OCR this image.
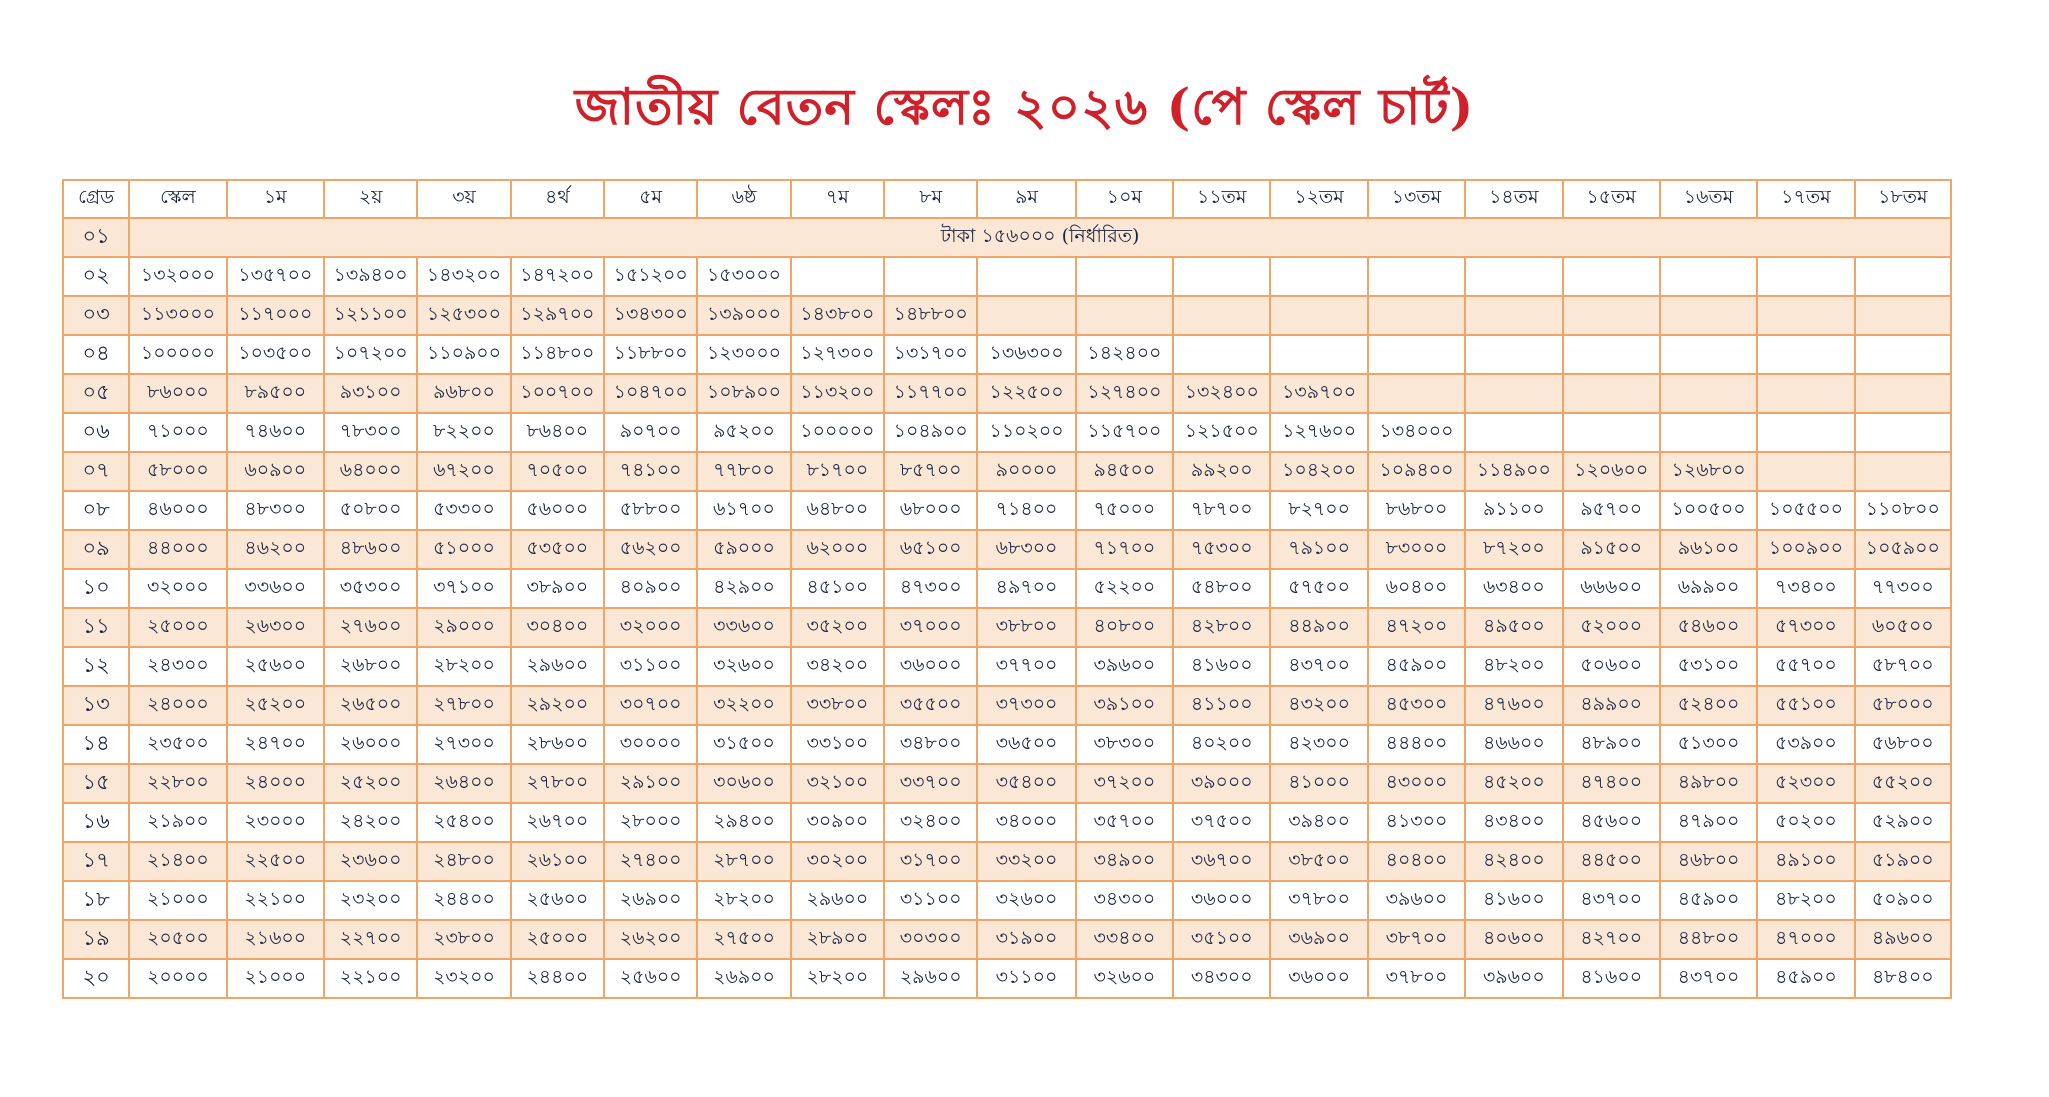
জাতীয় বেতন স্কেলঃ ২০২৬ (পে স্কেল চার্ট)
গ্রেড	স্কেল	১ম	২য়	৩য়	৪র্থ	৫ম	৬ষ্ঠ	৭ম	৮ম	৯ম	১০ম	১১তম	১২তম	১৩তম	১৪তম	১৫তম	১৬তম	১৭তম	১৮তম
০১	টাকা ১৫৬০০০ (নির্ধারিত)																		
০২	১৩২০০০	১৩৫৭০০	১৩৯৪০০	১৪৩২০০	১৪৭২০০	১৫১২০০	১৫৩০০০												
০৩	১১৩০০০	১১৭০০০	১২১১০০	১২৫৩০০	১২৯৭০০	১৩৪৩০০	১৩৯০০০	১৪৩৮০০	১৪৮৮০০										
০৪	১০০০০০	১০৩৫০০	১০৭২০০	১১০৯০০	১১৪৮০০	১১৮৮০০	১২৩০০০	১২৭৩০০	১৩১৭০০	১৩৬৩০০	১৪২৪০০								
০৫	৮৬০০০	৮৯৫০০	৯৩১০০	৯৬৮০০	১০০৭০০	১০৪৭০০	১০৮৯০০	১১৩২০০	১১৭৭০০	১২২৫০০	১২৭৪০০	১৩২৪০০	১৩৯৭০০						
০৬	৭১০০০	৭৪৬০০	৭৮৩০০	৮২২০০	৮৬৪০০	৯০৭০০	৯৫২০০	১০০০০০	১০৪৯০০	১১০২০০	১১৫৭০০	১২১৫০০	১২৭৬০০	১৩৪০০০					
০৭	৫৮০০০	৬০৯০০	৬৪০০০	৬৭২০০	৭০৫০০	৭৪১০০	৭৭৮০০	৮১৭০০	৮৫৭০০	৯০০০০	৯৪৫০০	৯৯২০০	১০৪২০০	১০৯৪০০	১১৪৯০০	১২০৬০০	১২৬৮০০		
০৮	৪৬০০০	৪৮৩০০	৫০৮০০	৫৩৩০০	৫৬০০০	৫৮৮০০	৬১৭০০	৬৪৮০০	৬৮০০০	৭১৪০০	৭৫০০০	৭৮৭০০	৮২৭০০	৮৬৮০০	৯১১০০	৯৫৭০০	১০০৫০০	১০৫৫০০	১১০৮০০
০৯	৪৪০০০	৪৬২০০	৪৮৬০০	৫১০০০	৫৩৫০০	৫৬২০০	৫৯০০০	৬২০০০	৬৫১০০	৬৮৩০০	৭১৭০০	৭৫৩০০	৭৯১০০	৮৩০০০	৮৭২০০	৯১৫০০	৯৬১০০	১০০৯০০	১০৫৯০০
১০	৩২০০০	৩৩৬০০	৩৫৩০০	৩৭১০০	৩৮৯০০	৪০৯০০	৪২৯০০	৪৫১০০	৪৭৩০০	৪৯৭০০	৫২২০০	৫৪৮০০	৫৭৫০০	৬০৪০০	৬৩৪০০	৬৬৬০০	৬৯৯০০	৭৩৪০০	৭৭৩০০
১১	২৫০০০	২৬৩০০	২৭৬০০	২৯০০০	৩০৪০০	৩২০০০	৩৩৬০০	৩৫২০০	৩৭০০০	৩৮৮০০	৪০৮০০	৪২৮০০	৪৪৯০০	৪৭২০০	৪৯৫০০	৫২০০০	৫৪৬০০	৫৭৩০০	৬০৫০০
১২	২৪৩০০	২৫৬০০	২৬৮০০	২৮২০০	২৯৬০০	৩১১০০	৩২৬০০	৩৪২০০	৩৬০০০	৩৭৭০০	৩৯৬০০	৪১৬০০	৪৩৭০০	৪৫৯০০	৪৮২০০	৫০৬০০	৫৩১০০	৫৫৭০০	৫৮৭০০
১৩	২৪০০০	২৫২০০	২৬৫০০	২৭৮০০	২৯২০০	৩০৭০০	৩২২০০	৩৩৮০০	৩৫৫০০	৩৭৩০০	৩৯১০০	৪১১০০	৪৩২০০	৪৫৩০০	৪৭৬০০	৪৯৯০০	৫২৪০০	৫৫১০০	৫৮০০০
১৪	২৩৫০০	২৪৭০০	২৬০০০	২৭৩০০	২৮৬০০	৩০০০০	৩১৫০০	৩৩১০০	৩৪৮০০	৩৬৫০০	৩৮৩০০	৪০২০০	৪২৩০০	৪৪৪০০	৪৬৬০০	৪৮৯০০	৫১৩০০	৫৩৯০০	৫৬৮০০
১৫	২২৮০০	২৪০০০	২৫২০০	২৬৪০০	২৭৮০০	২৯১০০	৩০৬০০	৩২১০০	৩৩৭০০	৩৫৪০০	৩৭২০০	৩৯০০০	৪১০০০	৪৩০০০	৪৫২০০	৪৭৪০০	৪৯৮০০	৫২৩০০	৫৫২০০
১৬	২১৯০০	২৩০০০	২৪২০০	২৫৪০০	২৬৭০০	২৮০০০	২৯৪০০	৩০৯০০	৩২৪০০	৩৪০০০	৩৫৭০০	৩৭৫০০	৩৯৪০০	৪১৩০০	৪৩৪০০	৪৫৬০০	৪৭৯০০	৫০২০০	৫২৯০০
১৭	২১৪০০	২২৫০০	২৩৬০০	২৪৮০০	২৬১০০	২৭৪০০	২৮৭০০	৩০২০০	৩১৭০০	৩৩২০০	৩৪৯০০	৩৬৭০০	৩৮৫০০	৪০৪০০	৪২৪০০	৪৪৫০০	৪৬৮০০	৪৯১০০	৫১৯০০
১৮	২১০০০	২২১০০	২৩২০০	২৪৪০০	২৫৬০০	২৬৯০০	২৮২০০	২৯৬০০	৩১১০০	৩২৬০০	৩৪৩০০	৩৬০০০	৩৭৮০০	৩৯৬০০	৪১৬০০	৪৩৭০০	৪৫৯০০	৪৮২০০	৫০৯০০
১৯	২০৫০০	২১৬০০	২২৭০০	২৩৮০০	২৫০০০	২৬২০০	২৭৫০০	২৮৯০০	৩০৩০০	৩১৯০০	৩৩৪০০	৩৫১০০	৩৬৯০০	৩৮৭০০	৪০৬০০	৪২৭০০	৪৪৮০০	৪৭০০০	৪৯৬০০
২০	২০০০০	২১০০০	২২১০০	২৩২০০	২৪৪০০	২৫৬০০	২৬৯০০	২৮২০০	২৯৬০০	৩১১০০	৩২৬০০	৩৪৩০০	৩৬০০০	৩৭৮০০	৩৯৬০০	৪১৬০০	৪৩৭০০	৪৫৯০০	৪৮৪০০
